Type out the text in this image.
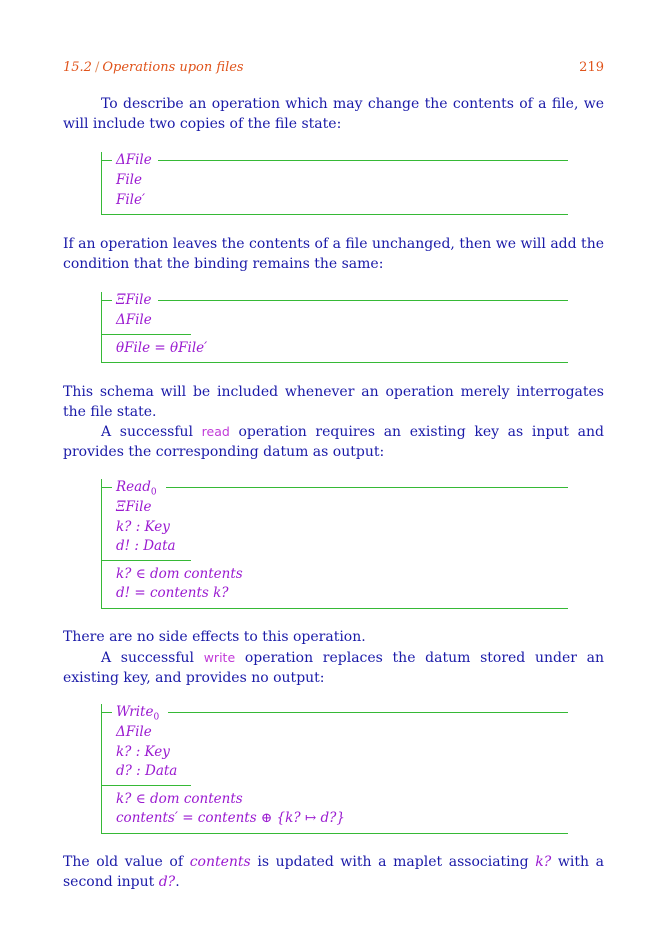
15.2 / Operations upon files	219

To describe an operation which may change the contents of a file, we will include two copies of the file state:

ΔFile
File
File′

If an operation leaves the contents of a file unchanged, then we will add the condition that the binding remains the same:

ΞFile
ΔFile
θFile = θFile′

This schema will be included whenever an operation merely interrogates the file state.

A successful read operation requires an existing key as input and provides the corresponding datum as output:

Read$_0$
ΞFile
k? : Key
d! : Data
k? ∈ dom contents
d! = contents k?

There are no side effects to this operation.

A successful write operation replaces the datum stored under an existing key, and provides no output:

Write$_0$
ΔFile
k? : Key
d? : Data
k? ∈ dom contents
contents′ = contents ⊕ {k? ↦ d?}

The old value of contents is updated with a maplet associating k? with a second input d?.
